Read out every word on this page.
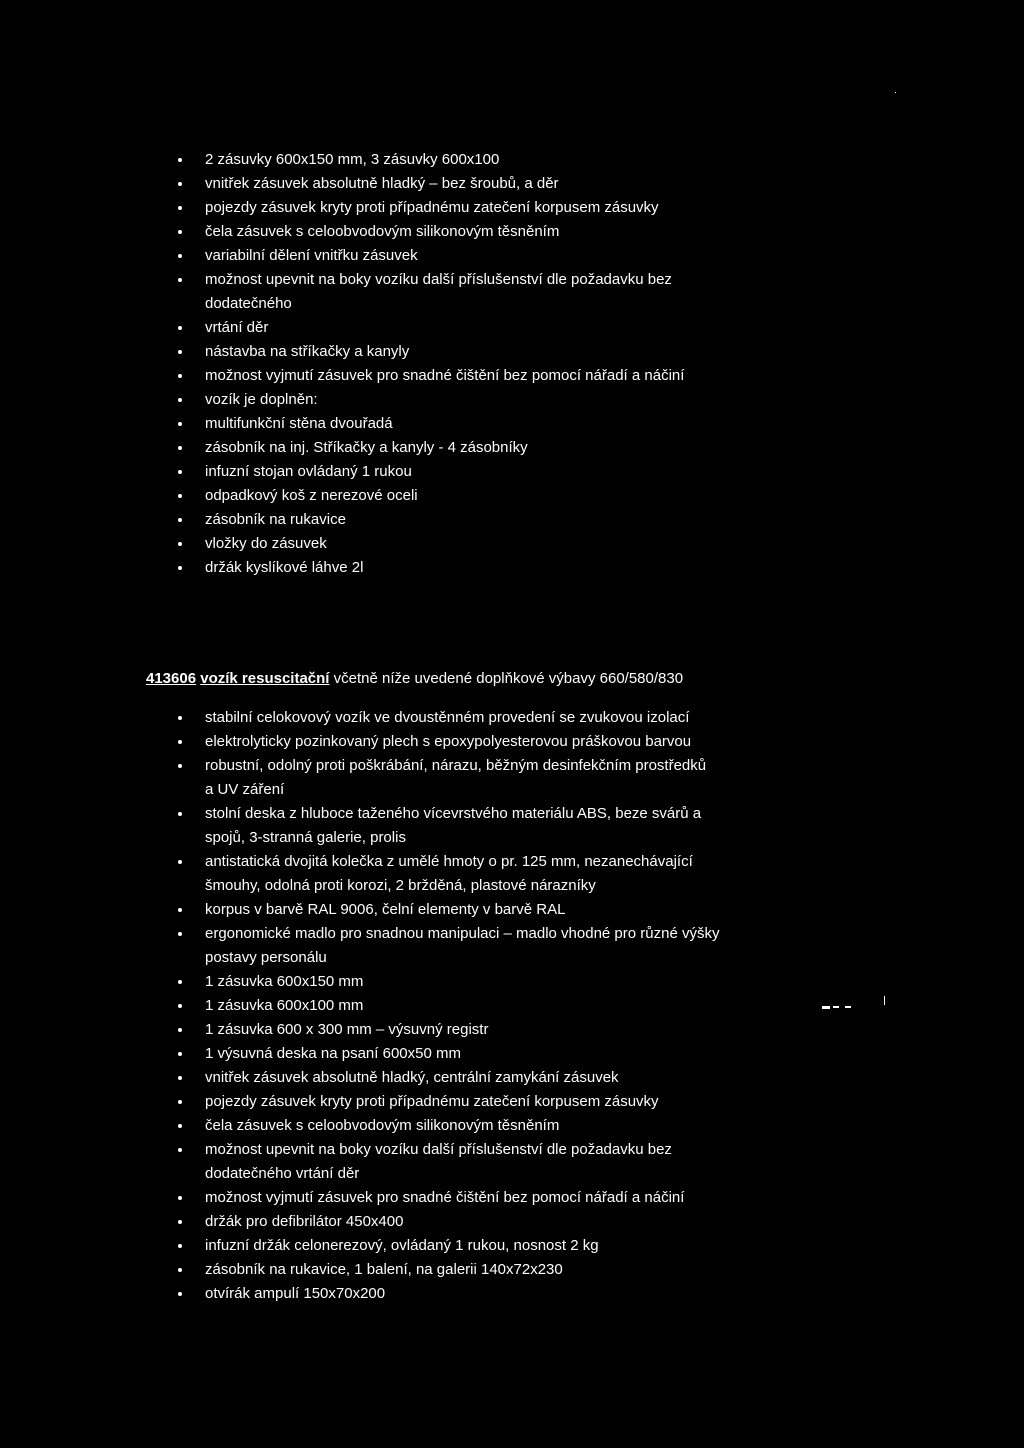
2 zásuvky 600x150 mm, 3 zásuvky 600x100
vnitřek zásuvek absolutně hladký – bez šroubů, a děr
pojezdy zásuvek kryty proti případnému zatečení korpusem zásuvky
čela zásuvek s celoobvodovým silikonovým těsněním
variabilní dělení vnitřku zásuvek
možnost upevnit na boky vozíku další příslušenství dle požadavku bez
dodatečného
vrtání děr
nástavba na stříkačky a kanyly
možnost vyjmutí zásuvek pro snadné čištění bez pomocí nářadí a náčiní
vozík je doplněn:
multifunkční stěna dvouřadá
zásobník na inj. Stříkačky a kanyly - 4 zásobníky
infuzní stojan ovládaný 1 rukou
odpadkový koš z nerezové oceli
zásobník na rukavice
vložky do zásuvek
držák kyslíkové láhve 2l
413606 vozík resuscitační včetně níže uvedené doplňkové výbavy 660/580/830
stabilní celokovový vozík ve dvoustěnném provedení se zvukovou izolací
elektrolyticky pozinkovaný plech s epoxypolyesterovou práškovou barvou
robustní, odolný proti poškrábání, nárazu, běžným desinfekčním prostředků
a UV záření
stolní deska z hluboce taženého vícevrstvého materiálu ABS, beze svárů a
spojů, 3-stranná galerie, prolis
antistatická dvojitá kolečka z umělé hmoty o pr. 125 mm, nezanechávající
šmouhy, odolná proti korozi, 2 bržděná, plastové nárazníky
korpus v barvě RAL 9006, čelní elementy v barvě RAL
ergonomické madlo pro snadnou manipulaci – madlo vhodné pro různé výšky
postavy personálu
1 zásuvka 600x150 mm
1 zásuvka 600x100 mm
1 zásuvka 600 x 300 mm – výsuvný registr
1 výsuvná deska na psaní 600x50 mm
vnitřek zásuvek absolutně hladký, centrální zamykání zásuvek
pojezdy zásuvek kryty proti případnému zatečení korpusem zásuvky
čela zásuvek s celoobvodovým silikonovým těsněním
možnost upevnit na boky vozíku další příslušenství dle požadavku bez
dodatečného vrtání děr
možnost vyjmutí zásuvek pro snadné čištění bez pomocí nářadí a náčiní
držák pro defibrilátor 450x400
infuzní držák celonerezový, ovládaný 1 rukou, nosnost 2 kg
zásobník na rukavice, 1 balení, na galerii 140x72x230
otvírák ampulí 150x70x200
